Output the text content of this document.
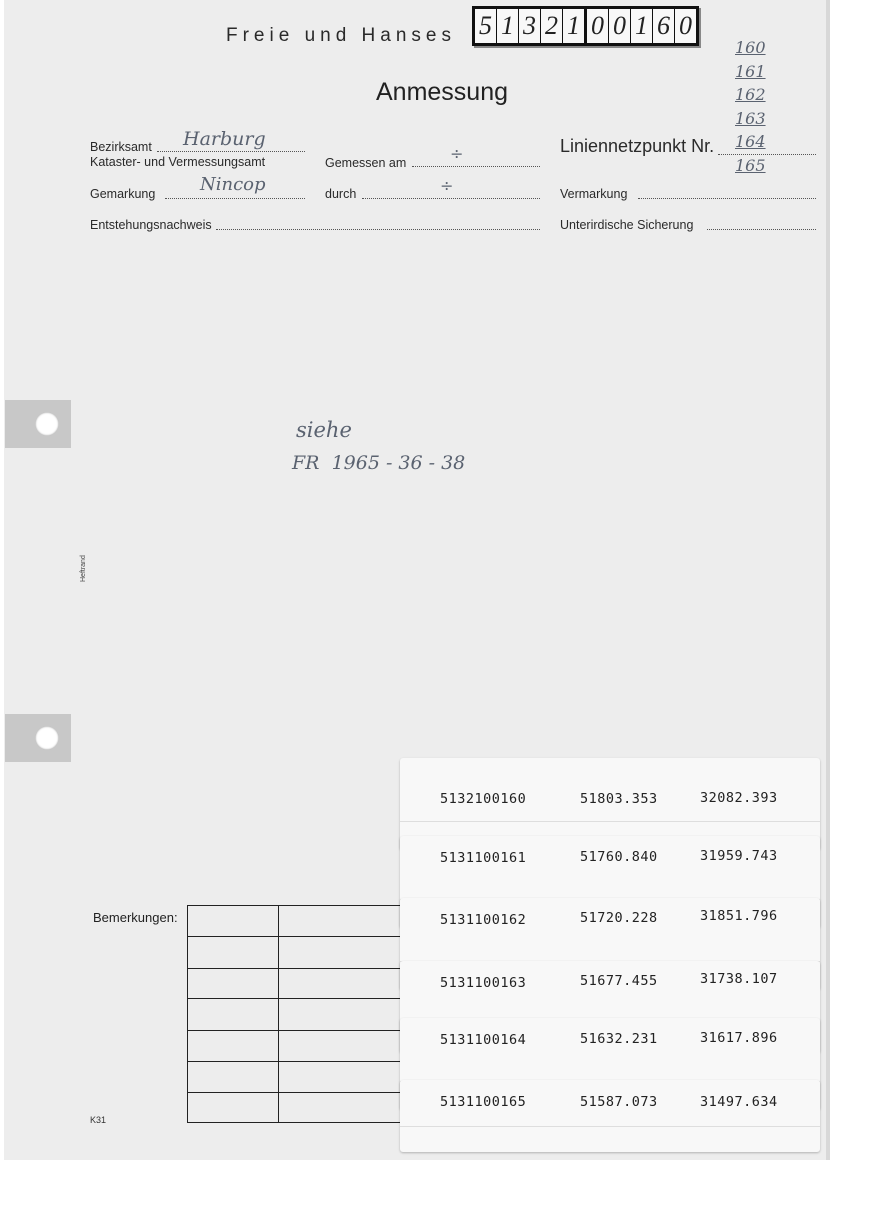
Freie und Hanses 5 1 3 2 1 0 0 1 6 0
Anmessung
160
161
162
163
164
165
Bezirksamt Harburg
Kataster- und Vermessungsamt	Gemessen am	÷
Gemarkung Nincop	durch	÷
Entstehungsnachweis
Liniennetzpunkt Nr.
Vermarkung
Unterirdische Sicherung
siehe
FR  1965 - 36 - 38
Heftrand
Bemerkungen:
K31
5132100160	51803.353	32082.393
5131100161	51760.840	31959.743
5131100162	51720.228	31851.796
5131100163	51677.455	31738.107
5131100164	51632.231	31617.896
5131100165	51587.073	31497.634
